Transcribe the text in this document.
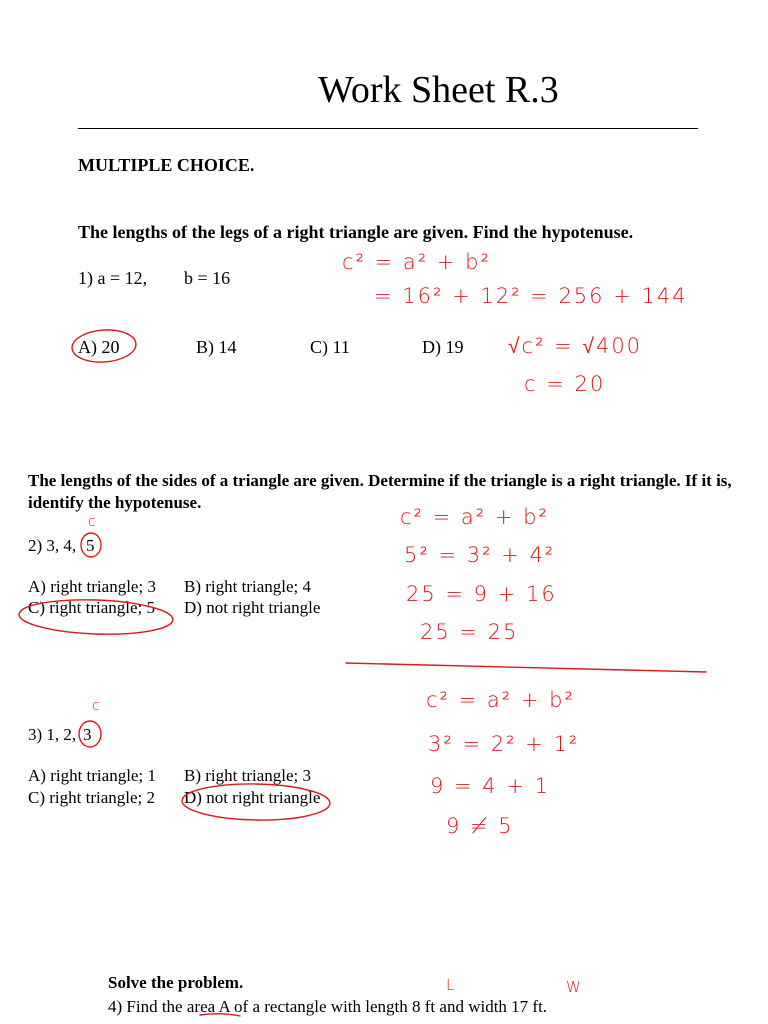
Work Sheet R.3
MULTIPLE CHOICE.
The lengths of the legs of a right triangle are given. Find the hypotenuse.
1) a = 12, b = 16
A) 20	B) 14	C) 11	D) 19
c² = a² + b²
= 16² + 12² = 256 + 144
√c² = √400
c = 20
The lengths of the sides of a triangle are given. Determine if the triangle is a right triangle. If it is,
identify the hypotenuse.
c
2) 3, 4, 5
A) right triangle; 3 B) right triangle; 4
C) right triangle; 5 D) not right triangle
c² = a² + b²
5² = 3² + 4²
25 = 9 + 16
25 = 25
c
3) 1, 2, 3
A) right triangle; 1 B) right triangle; 3
C) right triangle; 2 D) not right triangle
c² = a² + b²
3² = 2² + 1²
9 = 4 + 1
9 ≠ 5
Solve the problem.
4) Find the area A of a rectangle with length 8 ft and width 17 ft.
L	W
